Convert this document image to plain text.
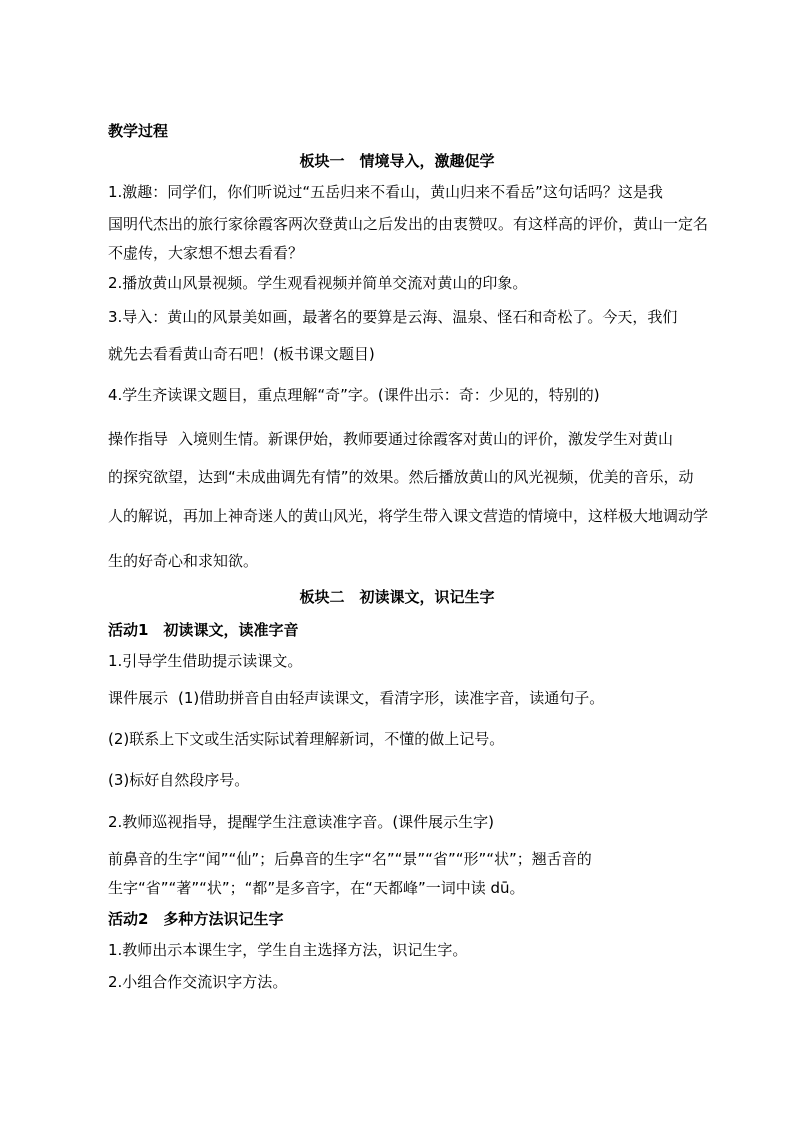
教学过程
板块一　情境导入，激趣促学
1.激趣：同学们，你们听说过“五岳归来不看山，黄山归来不看岳”这句话吗？这是我
国明代杰出的旅行家徐霞客两次登黄山之后发出的由衷赞叹。有这样高的评价，黄山一定名
不虚传，大家想不想去看看？
2.播放黄山风景视频。学生观看视频并简单交流对黄山的印象。
3.导入：黄山的风景美如画，最著名的要算是云海、温泉、怪石和奇松了。今天，我们
就先去看看黄山奇石吧！(板书课文题目)
4.学生齐读课文题目，重点理解“奇”字。(课件出示：奇：少见的，特别的)
操作指导 入境则生情。新课伊始，教师要通过徐霞客对黄山的评价，激发学生对黄山
的探究欲望，达到“未成曲调先有情”的效果。然后播放黄山的风光视频，优美的音乐，动
人的解说，再加上神奇迷人的黄山风光，将学生带入课文营造的情境中，这样极大地调动学
生的好奇心和求知欲。
板块二　初读课文，识记生字
活动1　初读课文，读准字音
1.引导学生借助提示读课文。
课件展示 (1)借助拼音自由轻声读课文，看清字形，读准字音，读通句子。
(2)联系上下文或生活实际试着理解新词，不懂的做上记号。
(3)标好自然段序号。
2.教师巡视指导，提醒学生注意读准字音。(课件展示生字)
前鼻音的生字“闻”“仙”；后鼻音的生字“名”“景”“省”“形”“状”；翘舌音的
生字“省”“著”“状”；“都”是多音字，在“天都峰”一词中读 dū。
活动2　多种方法识记生字
1.教师出示本课生字，学生自主选择方法，识记生字。
2.小组合作交流识字方法。
